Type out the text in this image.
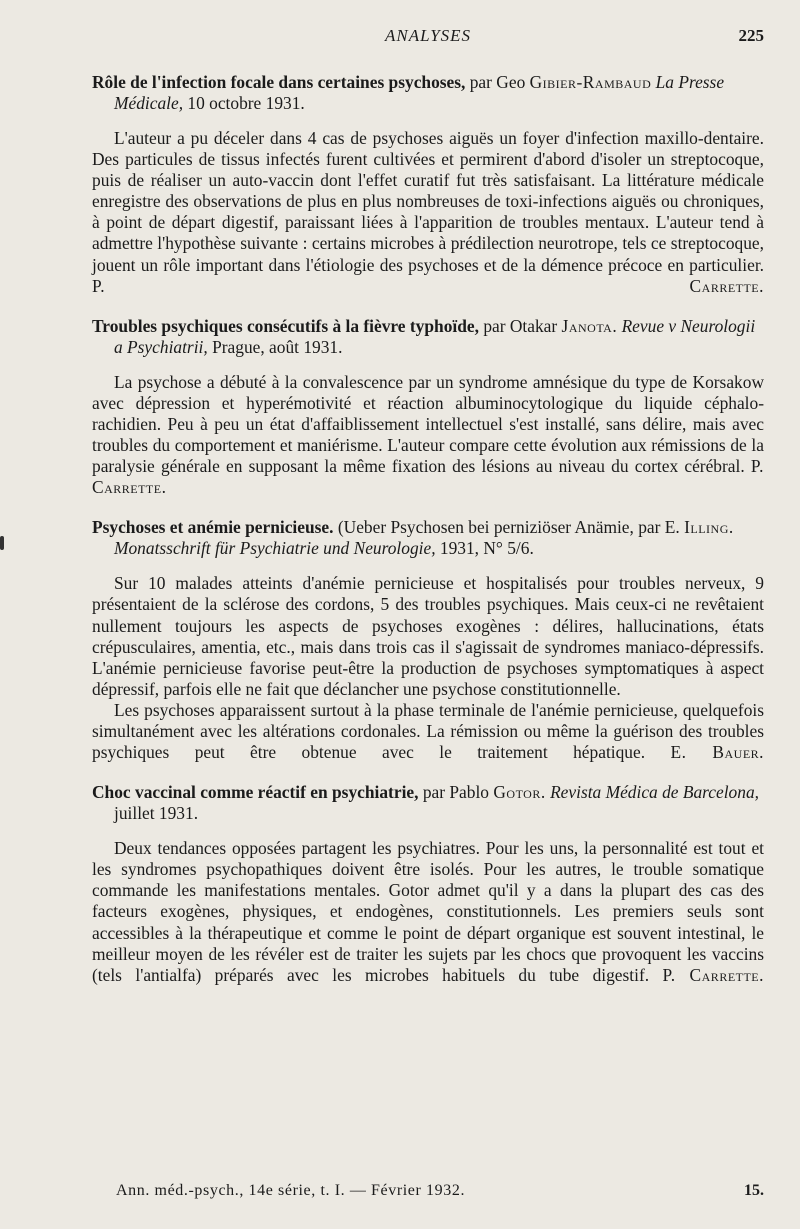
ANALYSES	225

Rôle de l'infection focale dans certaines psychoses, par Geo Gibier-Rambaud La Presse Médicale, 10 octobre 1931.

L'auteur a pu déceler dans 4 cas de psychoses aiguës un foyer d'infection maxillo-dentaire. Des particules de tissus infectés furent cultivées et permirent d'abord d'isoler un streptocoque, puis de réaliser un auto-vaccin dont l'effet curatif fut très satisfaisant. La littérature médicale enregistre des observations de plus en plus nombreuses de toxi-infections aiguës ou chroniques, à point de départ digestif, paraissant liées à l'apparition de troubles mentaux. L'auteur tend à admettre l'hypothèse suivante : certains microbes à prédilection neurotrope, tels ce streptocoque, jouent un rôle important dans l'étiologie des psychoses et de la démence précoce en particulier. P. Carrette.

Troubles psychiques consécutifs à la fièvre typhoïde, par Otakar Janota. Revue v Neurologii a Psychiatrii, Prague, août 1931.

La psychose a débuté à la convalescence par un syndrome amnésique du type de Korsakow avec dépression et hyperémotivité et réaction albuminocytologique du liquide céphalo-rachidien. Peu à peu un état d'affaiblissement intellectuel s'est installé, sans délire, mais avec troubles du comportement et maniérisme. L'auteur compare cette évolution aux rémissions de la paralysie générale en supposant la même fixation des lésions au niveau du cortex cérébral. P. Carrette.

Psychoses et anémie pernicieuse. (Ueber Psychosen bei perniziöser Anämie, par E. Illing. Monatsschrift für Psychiatrie und Neurologie, 1931, N° 5/6.

Sur 10 malades atteints d'anémie pernicieuse et hospitalisés pour troubles nerveux, 9 présentaient de la sclérose des cordons, 5 des troubles psychiques. Mais ceux-ci ne revêtaient nullement toujours les aspects de psychoses exogènes : délires, hallucinations, états crépusculaires, amentia, etc., mais dans trois cas il s'agissait de syndromes maniaco-dépressifs. L'anémie pernicieuse favorise peut-être la production de psychoses symptomatiques à aspect dépressif, parfois elle ne fait que déclancher une psychose constitutionnelle.

Les psychoses apparaissent surtout à la phase terminale de l'anémie pernicieuse, quelquefois simultanément avec les altérations cordonales. La rémission ou même la guérison des troubles psychiques peut être obtenue avec le traitement hépatique. E. Bauer.

Choc vaccinal comme réactif en psychiatrie, par Pablo Gotor. Revista Médica de Barcelona, juillet 1931.

Deux tendances opposées partagent les psychiatres. Pour les uns, la personnalité est tout et les syndromes psychopathiques doivent être isolés. Pour les autres, le trouble somatique commande les manifestations mentales. Gotor admet qu'il y a dans la plupart des cas des facteurs exogènes, physiques, et endogènes, constitutionnels. Les premiers seuls sont accessibles à la thérapeutique et comme le point de départ organique est souvent intestinal, le meilleur moyen de les révéler est de traiter les sujets par les chocs que provoquent les vaccins (tels l'antialfa) préparés avec les microbes habituels du tube digestif. P. Carrette.

Ann. méd.-psych., 14e série, t. I. — Février 1932.	15.
